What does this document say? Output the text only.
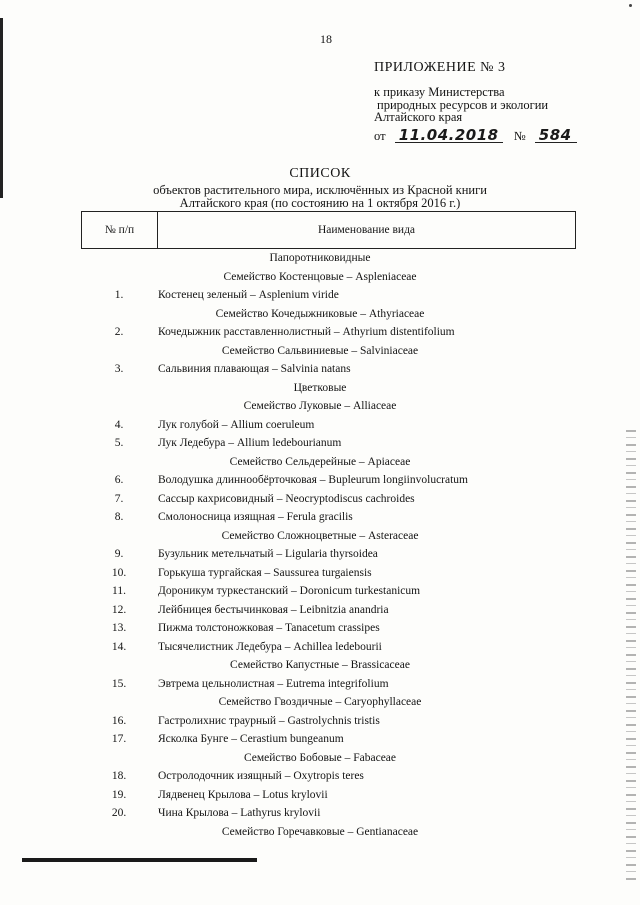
18
ПРИЛОЖЕНИЕ № 3
к приказу Министерства
природных ресурсов и экологии
Алтайского края
от 11.04.2018 № 584
СПИСОК
объектов растительного мира, исключённых из Красной книги
Алтайского края (по состоянию на 1 октября 2016 г.)
№ п/п	Наименование вида
Папоротниковидные
Семейство Костенцовые – Aspleniaceae
1.	Костенец зеленый – Asplenium viride
Семейство Кочедыжниковые – Athyriaceae
2.	Кочедыжник расставленнолистный – Athyrium distentifolium
Семейство Сальвиниевые – Salviniaceae
3.	Сальвиния плавающая – Salvinia natans
Цветковые
Семейство Луковые – Alliaceae
4.	Лук голубой – Allium coeruleum
5.	Лук Ледебура – Allium ledebourianum
Семейство Сельдерейные – Apiaceae
6.	Володушка длиннообёрточковая – Bupleurum longiinvolucratum
7.	Сассыр кахрисовидный – Neocryptodiscus cachroides
8.	Смолоносница изящная – Ferula gracilis
Семейство Сложноцветные – Asteraceae
9.	Бузульник метельчатый – Ligularia thyrsoidea
10.	Горькуша тургайская – Saussurea turgaiensis
11.	Дороникум туркестанский – Doronicum turkestanicum
12.	Лейбницея бестычинковая – Leibnitzia anandria
13.	Пижма толстоножковая – Tanacetum crassipes
14.	Тысячелистник Ледебура – Achillea ledebourii
Семейство Капустные – Brassicaceae
15.	Эвтрема цельнолистная – Eutrema integrifolium
Семейство Гвоздичные – Caryophyllaceae
16.	Гастролихнис траурный – Gastrolychnis tristis
17.	Ясколка Бунге – Cerastium bungeanum
Семейство Бобовые – Fabaceae
18.	Остролодочник изящный – Oxytropis teres
19.	Лядвенец Крылова – Lotus krylovii
20.	Чина Крылова – Lathyrus krylovii
Семейство Горечавковые – Gentianaceae
